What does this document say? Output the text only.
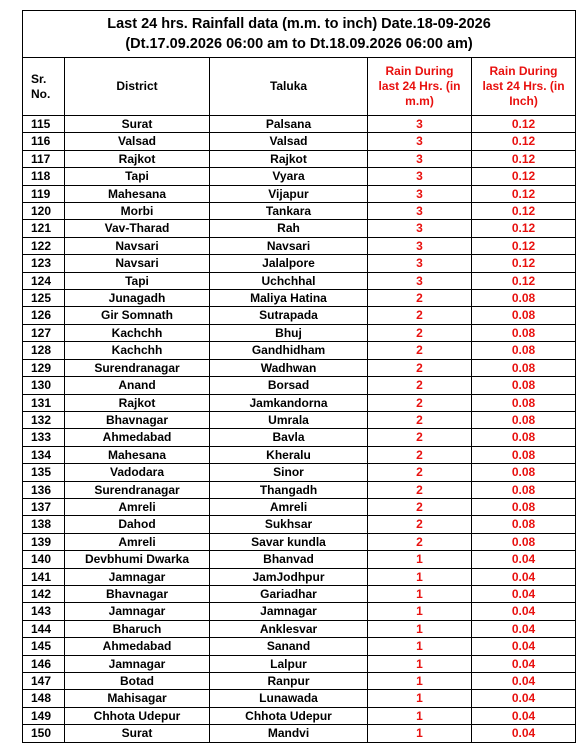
Last 24 hrs. Rainfall data (m.m. to inch) Date.18-09-2026
(Dt.17.09.2026 06:00 am to Dt.18.09.2026 06:00 am)				

Sr. No.	District	Taluka	Rain During last 24 Hrs. (in m.m)	Rain During last 24 Hrs. (in Inch)
115	Surat	Palsana	3	0.12
116	Valsad	Valsad	3	0.12
117	Rajkot	Rajkot	3	0.12
118	Tapi	Vyara	3	0.12
119	Mahesana	Vijapur	3	0.12
120	Morbi	Tankara	3	0.12
121	Vav-Tharad	Rah	3	0.12
122	Navsari	Navsari	3	0.12
123	Navsari	Jalalpore	3	0.12
124	Tapi	Uchchhal	3	0.12
125	Junagadh	Maliya Hatina	2	0.08
126	Gir Somnath	Sutrapada	2	0.08
127	Kachchh	Bhuj	2	0.08
128	Kachchh	Gandhidham	2	0.08
129	Surendranagar	Wadhwan	2	0.08
130	Anand	Borsad	2	0.08
131	Rajkot	Jamkandorna	2	0.08
132	Bhavnagar	Umrala	2	0.08
133	Ahmedabad	Bavla	2	0.08
134	Mahesana	Kheralu	2	0.08
135	Vadodara	Sinor	2	0.08
136	Surendranagar	Thangadh	2	0.08
137	Amreli	Amreli	2	0.08
138	Dahod	Sukhsar	2	0.08
139	Amreli	Savar kundla	2	0.08
140	Devbhumi Dwarka	Bhanvad	1	0.04
141	Jamnagar	JamJodhpur	1	0.04
142	Bhavnagar	Gariadhar	1	0.04
143	Jamnagar	Jamnagar	1	0.04
144	Bharuch	Anklesvar	1	0.04
145	Ahmedabad	Sanand	1	0.04
146	Jamnagar	Lalpur	1	0.04
147	Botad	Ranpur	1	0.04
148	Mahisagar	Lunawada	1	0.04
149	Chhota Udepur	Chhota Udepur	1	0.04
150	Surat	Mandvi	1	0.04
